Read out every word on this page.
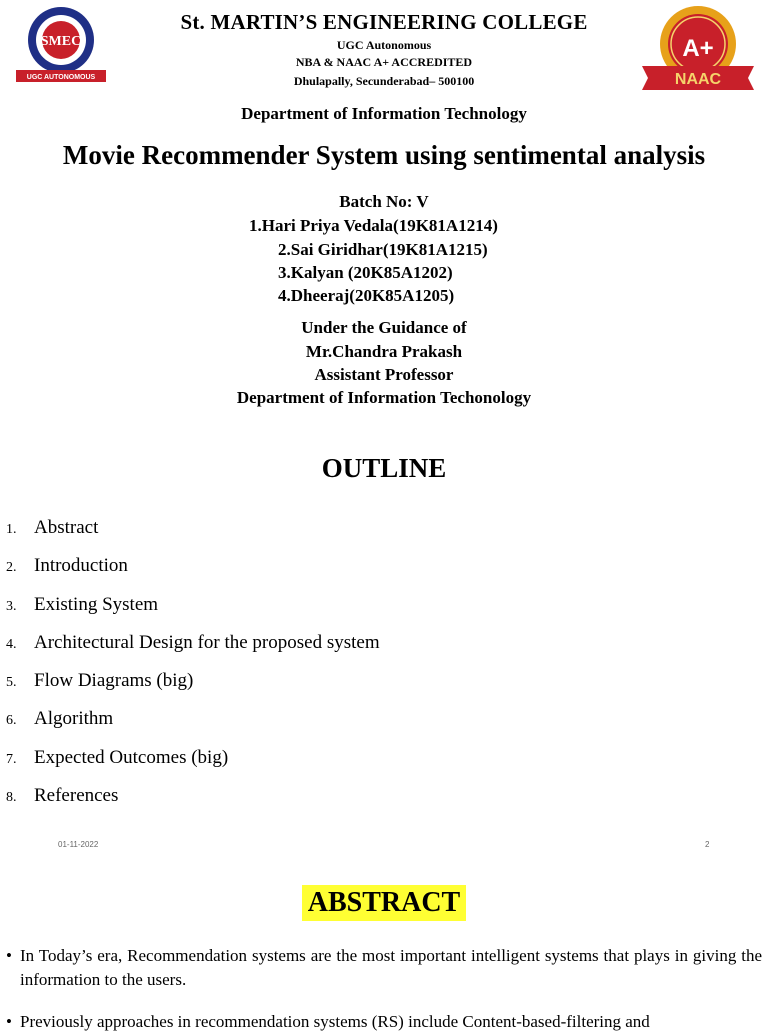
SMEC
UGC AUTONOMOUS
A+
NAAC
St. MARTIN’S ENGINEERING COLLEGE
UGC Autonomous
NBA & NAAC A+ ACCREDITED
Dhulapally, Secunderabad– 500100
Department of Information Technology
Movie Recommender System using sentimental analysis
Batch No: V
1.Hari Priya Vedala(19K81A1214)
2.Sai Giridhar(19K81A1215)
3.Kalyan (20K85A1202)
4.Dheeraj(20K85A1205)
Under the Guidance of
Mr.Chandra Prakash
Assistant Professor
Department of Information Techonology
OUTLINE
1. Abstract
2. Introduction
3. Existing System
4. Architectural Design for the proposed system
5. Flow Diagrams (big)
6. Algorithm
7. Expected Outcomes (big)
8. References
01-11-2022	2
ABSTRACT
• In Today’s era, Recommendation systems are the most important intelligent systems that plays in giving the information to the users.
• Previously approaches in recommendation systems (RS) include Content-based-filtering and
